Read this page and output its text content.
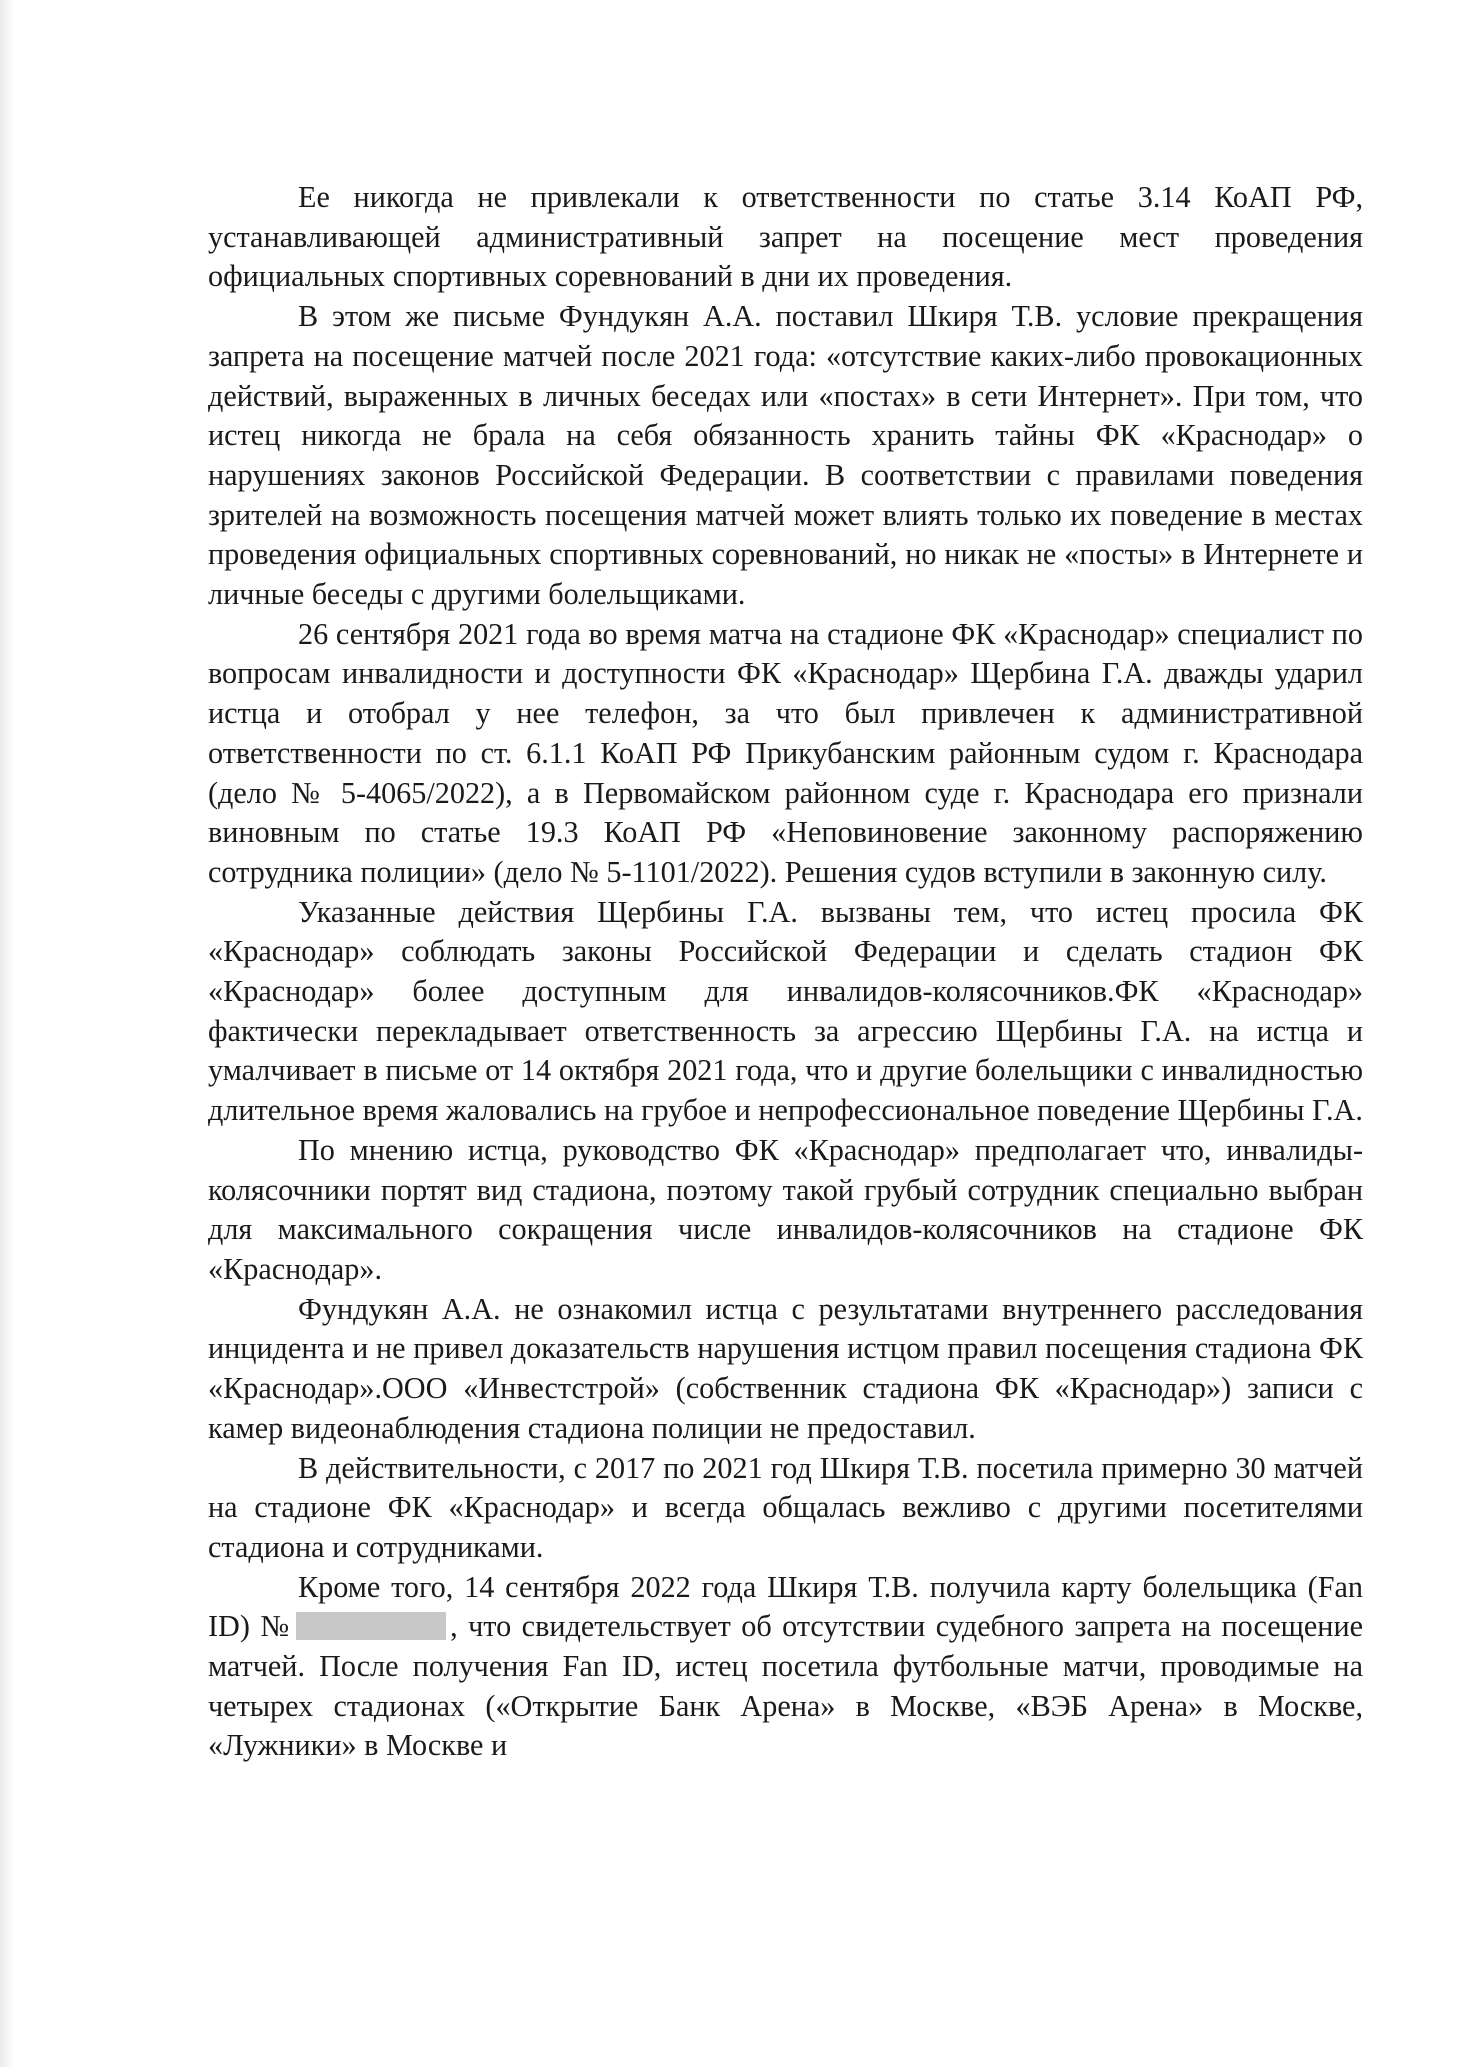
Ее никогда не привлекали к ответственности по статье 3.14 КоАП РФ, устанавливающей административный запрет на посещение мест проведения официальных спортивных соревнований в дни их проведения.

В этом же письме Фундукян А.А. поставил Шкиря Т.В. условие прекращения запрета на посещение матчей после 2021 года: «отсутствие каких-либо провокационных действий, выраженных в личных беседах или «постах» в сети Интернет». При том, что истец никогда не брала на себя обязанность хранить тайны ФК «Краснодар» о нарушениях законов Российской Федерации. В соответствии с правилами поведения зрителей на возможность посещения матчей может влиять только их поведение в местах проведения официальных спортивных соревнований, но никак не «посты» в Интернете и личные беседы с другими болельщиками.

26 сентября 2021 года во время матча на стадионе ФК «Краснодар» специалист по вопросам инвалидности и доступности ФК «Краснодар» Щербина Г.А. дважды ударил истца и отобрал у нее телефон, за что был привлечен к административной ответственности по ст. 6.1.1 КоАП РФ Прикубанским районным судом г. Краснодара (дело № 5-4065/2022), а в Первомайском районном суде г. Краснодара его признали виновным по статье 19.3 КоАП РФ «Неповиновение законному распоряжению сотрудника полиции» (дело № 5-1101/2022). Решения судов вступили в законную силу.

Указанные действия Щербины Г.А. вызваны тем, что истец просила ФК «Краснодар» соблюдать законы Российской Федерации и сделать стадион ФК «Краснодар» более доступным для инвалидов-колясочников.ФК «Краснодар» фактически перекладывает ответственность за агрессию Щербины Г.А. на истца и умалчивает в письме от 14 октября 2021 года, что и другие болельщики с инвалидностью длительное время жаловались на грубое и непрофессиональное поведение Щербины Г.А.

По мнению истца, руководство ФК «Краснодар» предполагает что, инвалиды-колясочники портят вид стадиона, поэтому такой грубый сотрудник специально выбран для максимального сокращения числе инвалидов-колясочников на стадионе ФК «Краснодар».

Фундукян А.А. не ознакомил истца с результатами внутреннего расследования инцидента и не привел доказательств нарушения истцом правил посещения стадиона ФК «Краснодар».ООО «Инвестстрой» (собственник стадиона ФК «Краснодар») записи с камер видеонаблюдения стадиона полиции не предоставил.

В действительности, с 2017 по 2021 год Шкиря Т.В. посетила примерно 30 матчей на стадионе ФК «Краснодар» и всегда общалась вежливо с другими посетителями стадиона и сотрудниками.

Кроме того, 14 сентября 2022 года Шкиря Т.В. получила карту болельщика (Fan ID) №	, что свидетельствует об отсутствии судебного запрета на посещение матчей. После получения Fan ID, истец посетила футбольные матчи, проводимые на четырех стадионах («Открытие Банк Арена» в Москве, «ВЭБ Арена» в Москве, «Лужники» в Москве и
